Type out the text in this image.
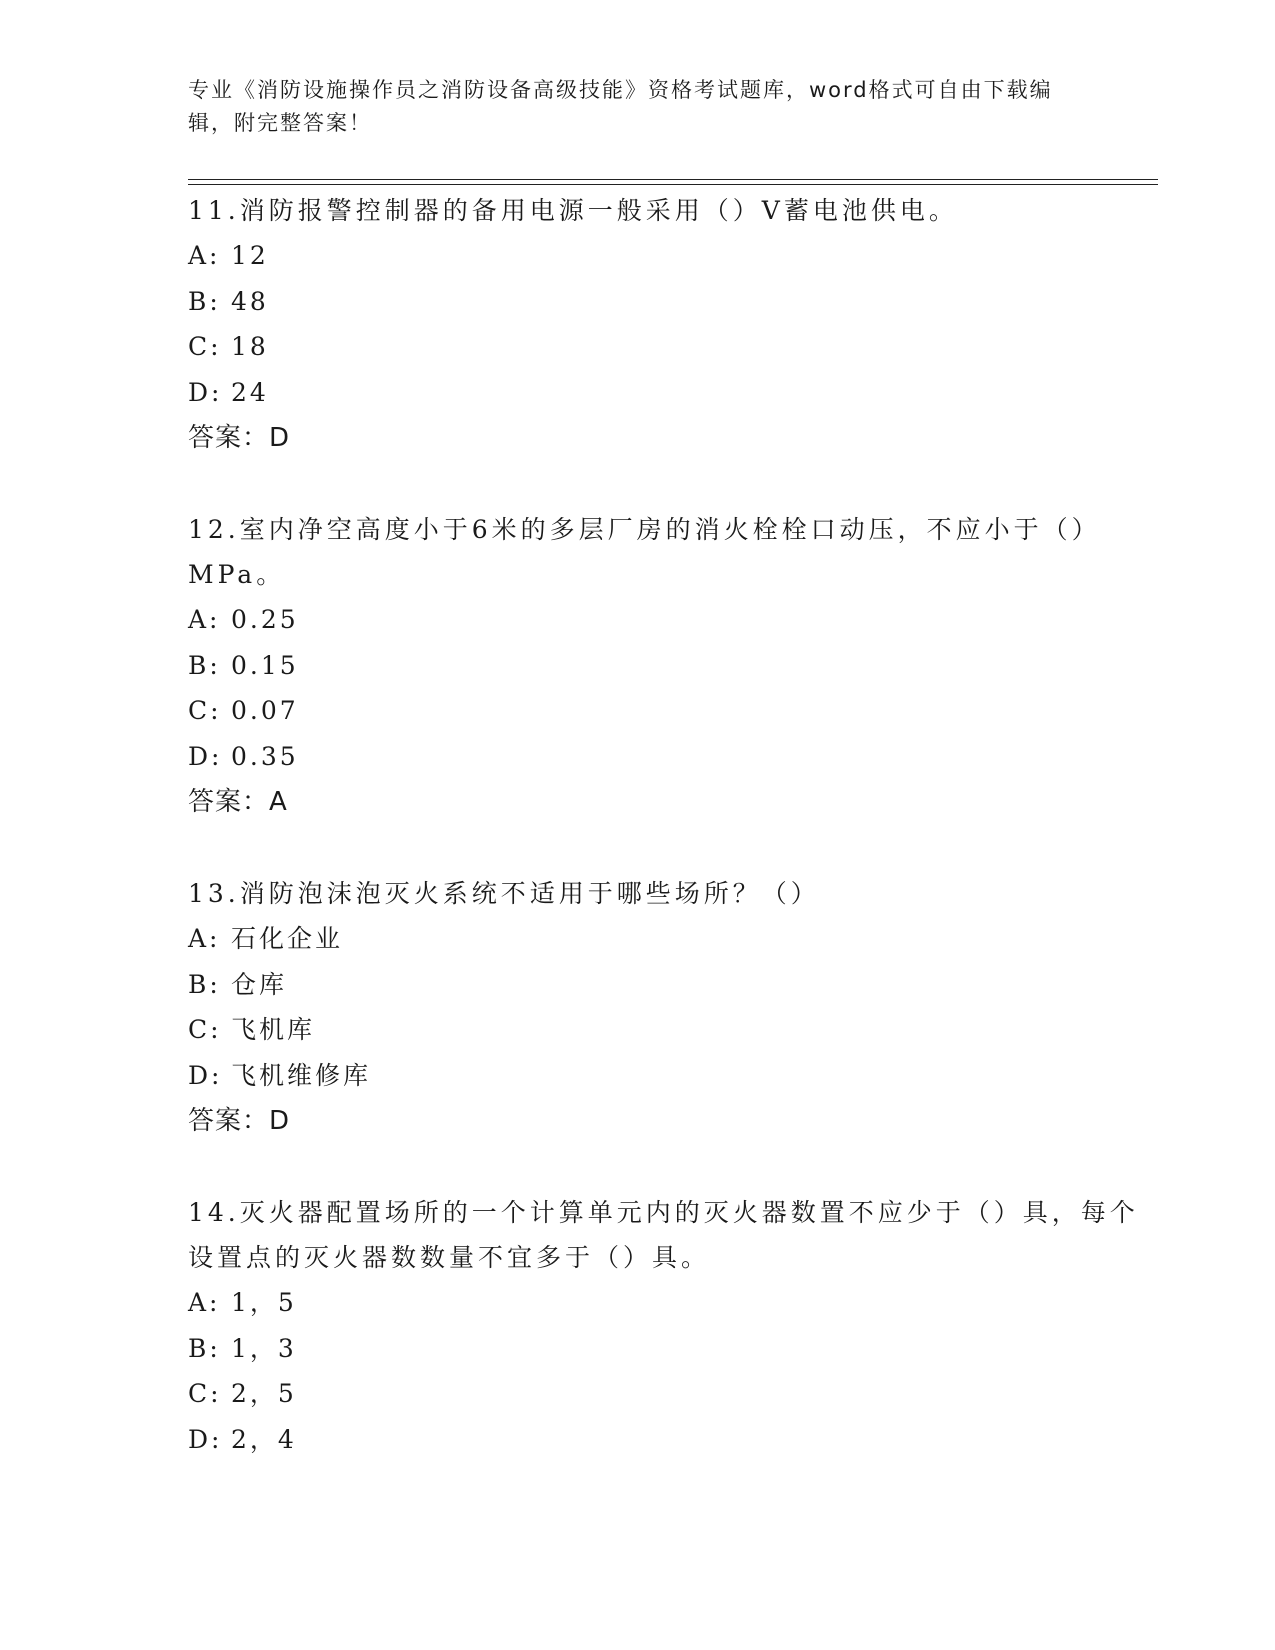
专业《消防设施操作员之消防设备高级技能》资格考试题库，word格式可自由下载编辑，附完整答案！

11.消防报警控制器的备用电源一般采用（）V蓄电池供电。

A: 12
B: 48
C: 18
D: 24
答案： D

12.室内净空高度小于6米的多层厂房的消火栓栓口动压，不应小于（）MPa。

A: 0.25
B: 0.15
C: 0.07
D: 0.35
答案： A

13.消防泡沫泡灭火系统不适用于哪些场所？（）

A: 石化企业
B: 仓库
C: 飞机库
D: 飞机维修库
答案： D

14.灭火器配置场所的一个计算单元内的灭火器数置不应少于（）具，每个设置点的灭火器数数量不宜多于（）具。

A: 1，5
B: 1，3
C: 2，5
D: 2，4
